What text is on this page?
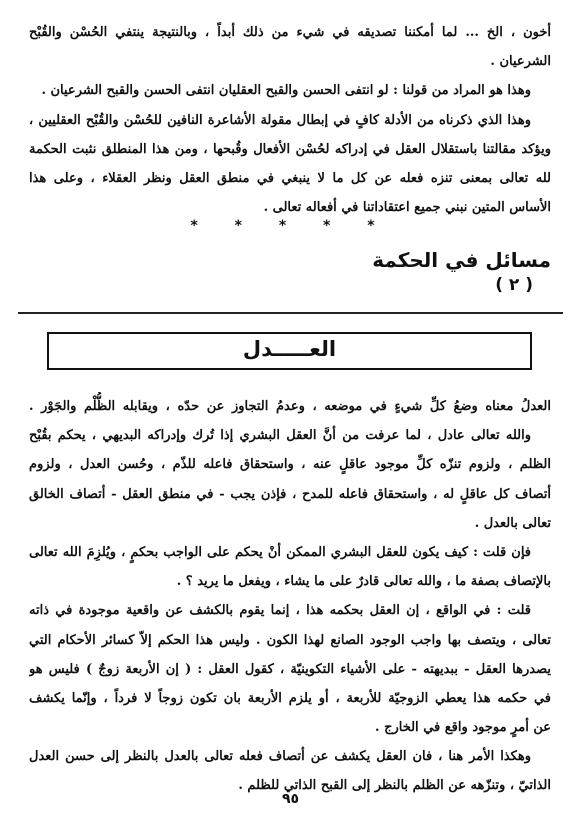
أخون ، الخ ... لما أمكننا تصديقه في شيء من ذلك أبداً ، وبالنتيجة ينتفي الحُسْن والقُبْح
الشرعيان .
وهذا هو المراد من قولنا : لو انتفى الحسن والقبح العقليان انتفى الحسن والقبح الشرعيان .
وهذا الذي ذكرناه من الأدلة كافٍ في إبطال مقولة الأشاعرة النافين للحُسْن والقُبْح العقليين ،
ويؤكد مقالتنا باستقلال العقل في إدراكه لحُسْن الأفعال وقُبحها ، ومن هذا المنطلق نثبت الحكمة
لله تعالى بمعنى تنزه فعله عن كل ما لا ينبغي في منطق العقل ونظر العقلاء ، وعلى هذا
الأساس المتين نبني جميع اعتقاداتنا في أفعاله تعالى .
* * * * *
مسائل في الحكمة
( ٢ )
العـــــدل
العدلُ معناه وضعُ كلِّ شيءٍ في موضعه ، وعدمُ التجاوز عن حدّه ، ويقابله الظُّلْم والجَوْر .
والله تعالى عادل ، لما عرفت من أنَّ العقل البشري إذا تُرك وإدراكه البديهي ، يحكم بقُبْح
الظلم ، ولزوم تنزّه كلِّ موجود عاقلٍ عنه ، واستحقاق فاعله للذّم ، وحُسن العدل ، ولزوم
أتصاف كل عاقلٍ له ، واستحقاق فاعله للمدح ، فإذن يجب - في منطق العقل - أتصاف الخالق
تعالى بالعدل .
فإن قلت : كيف يكون للعقل البشري الممكن أنْ يحكم على الواجب بحكمٍ ، ويُلزِمَ الله تعالى
بالإتصاف بصفة ما ، والله تعالى قادرٌ على ما يشاء ، ويفعل ما يريد ؟ .
قلت : في الواقع ، إن العقل بحكمه هذا ، إنما يقوم بالكشف عن واقعية موجودة في ذاته
تعالى ، ويتصف بها واجب الوجود الصانع لهذا الكون . وليس هذا الحكم إلاّ كسائر الأحكام التي
يصدرها العقل - ببديهته - على الأشياء التكوينيّة ، كقول العقل : ( إن الأربعة زوجٌ ) فليس هو
في حكمه هذا يعطي الزوجيّة للأربعة ، أو يلزم الأربعة بان تكون زوجاً لا فرداً ، وإنّما يكشف
عن أمرٍ موجود واقع في الخارج .
وهكذا الأمر هنا ، فان العقل يكشف عن أتصاف فعله تعالى بالعدل بالنظر إلى حسن العدل
الذاتيّ ، وتنزّهه عن الظلم بالنظر إلى القبح الذاتي للظلم .
٩٥
